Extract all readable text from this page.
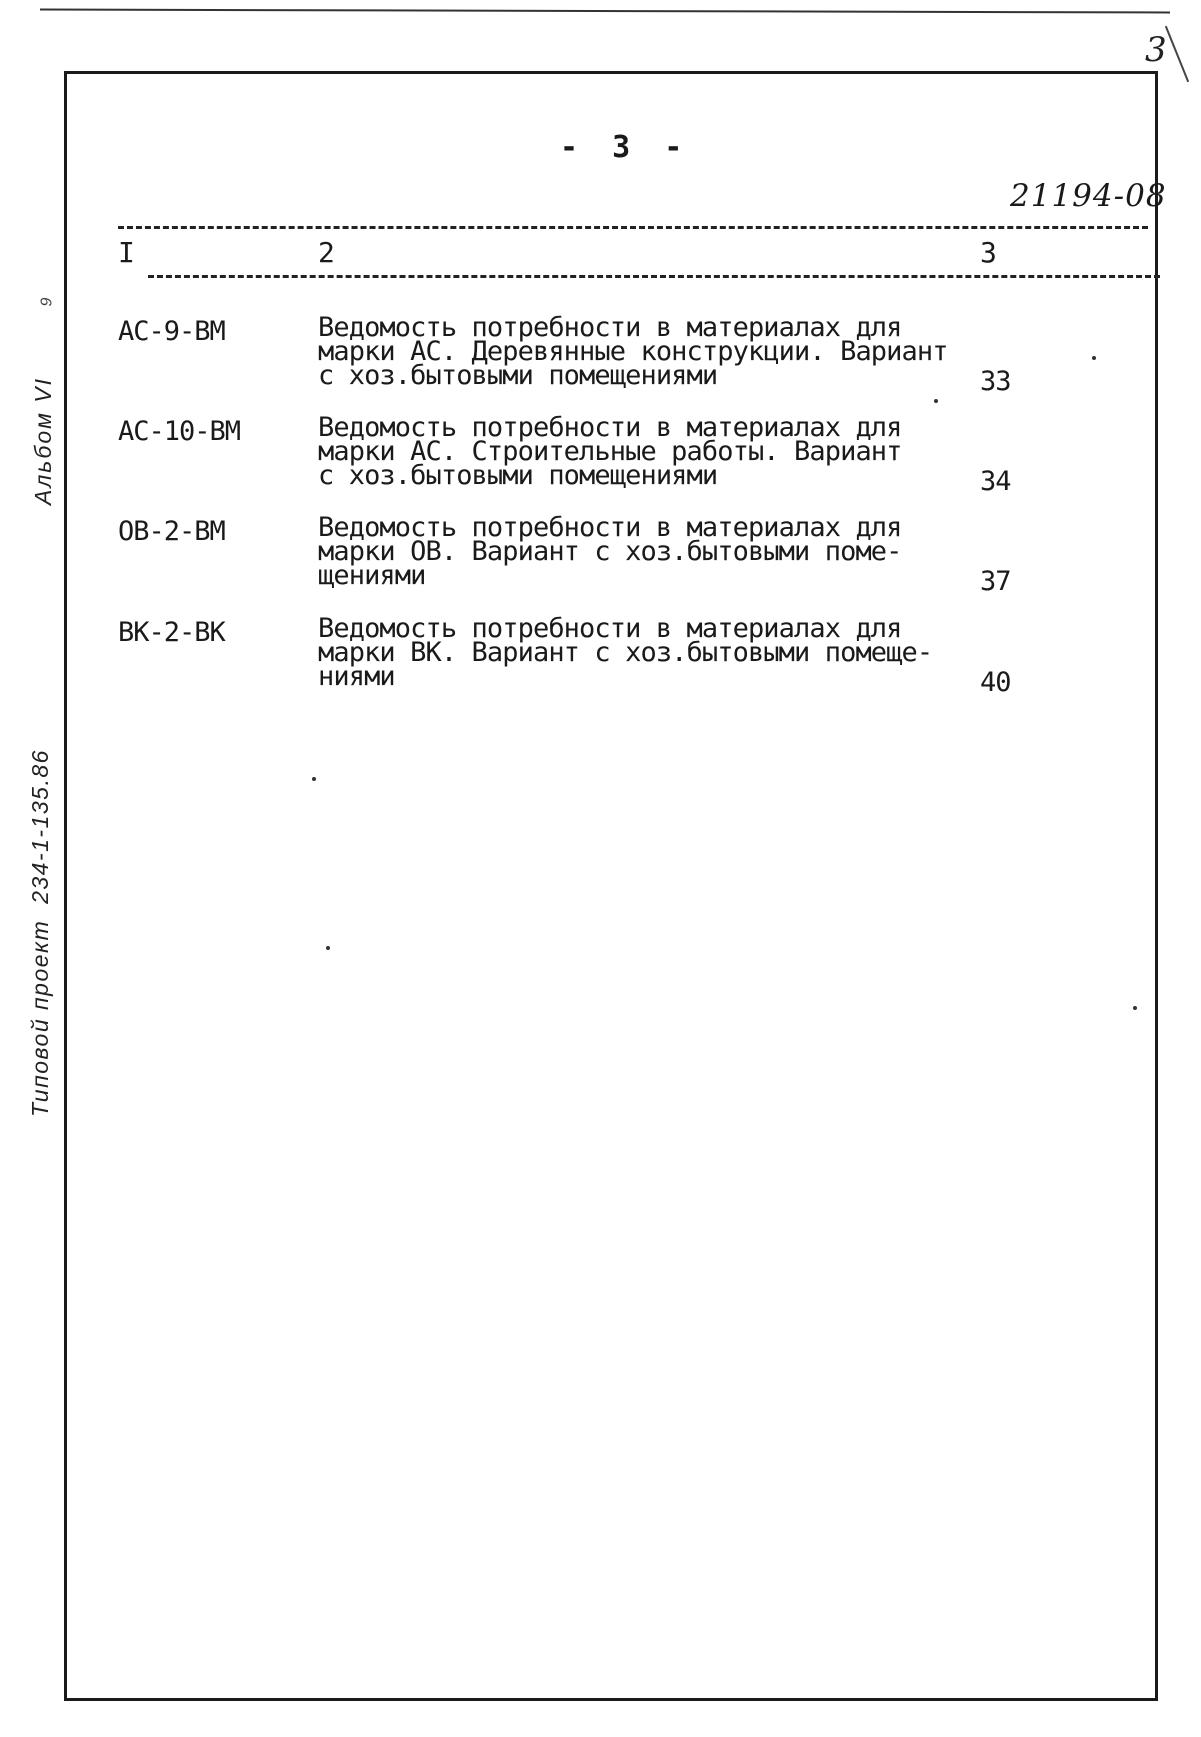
3
Альбом VI
9
Типовой проект  234-1-135.86
- 3 -
21194-08
I	2	3
АС-9-ВМ	Ведомость потребности в материалах для
марки АС. Деревянные конструкции. Вариант
с хоз.бытовыми помещениями	33
АС-10-ВМ	Ведомость потребности в материалах для
марки АС. Строительные работы. Вариант
с хоз.бытовыми помещениями	34
ОВ-2-ВМ	Ведомость потребности в материалах для
марки ОВ. Вариант с хоз.бытовыми поме-
щениями	37
ВК-2-ВК	Ведомость потребности в материалах для
марки ВК. Вариант с хоз.бытовыми помеще-
ниями	40
